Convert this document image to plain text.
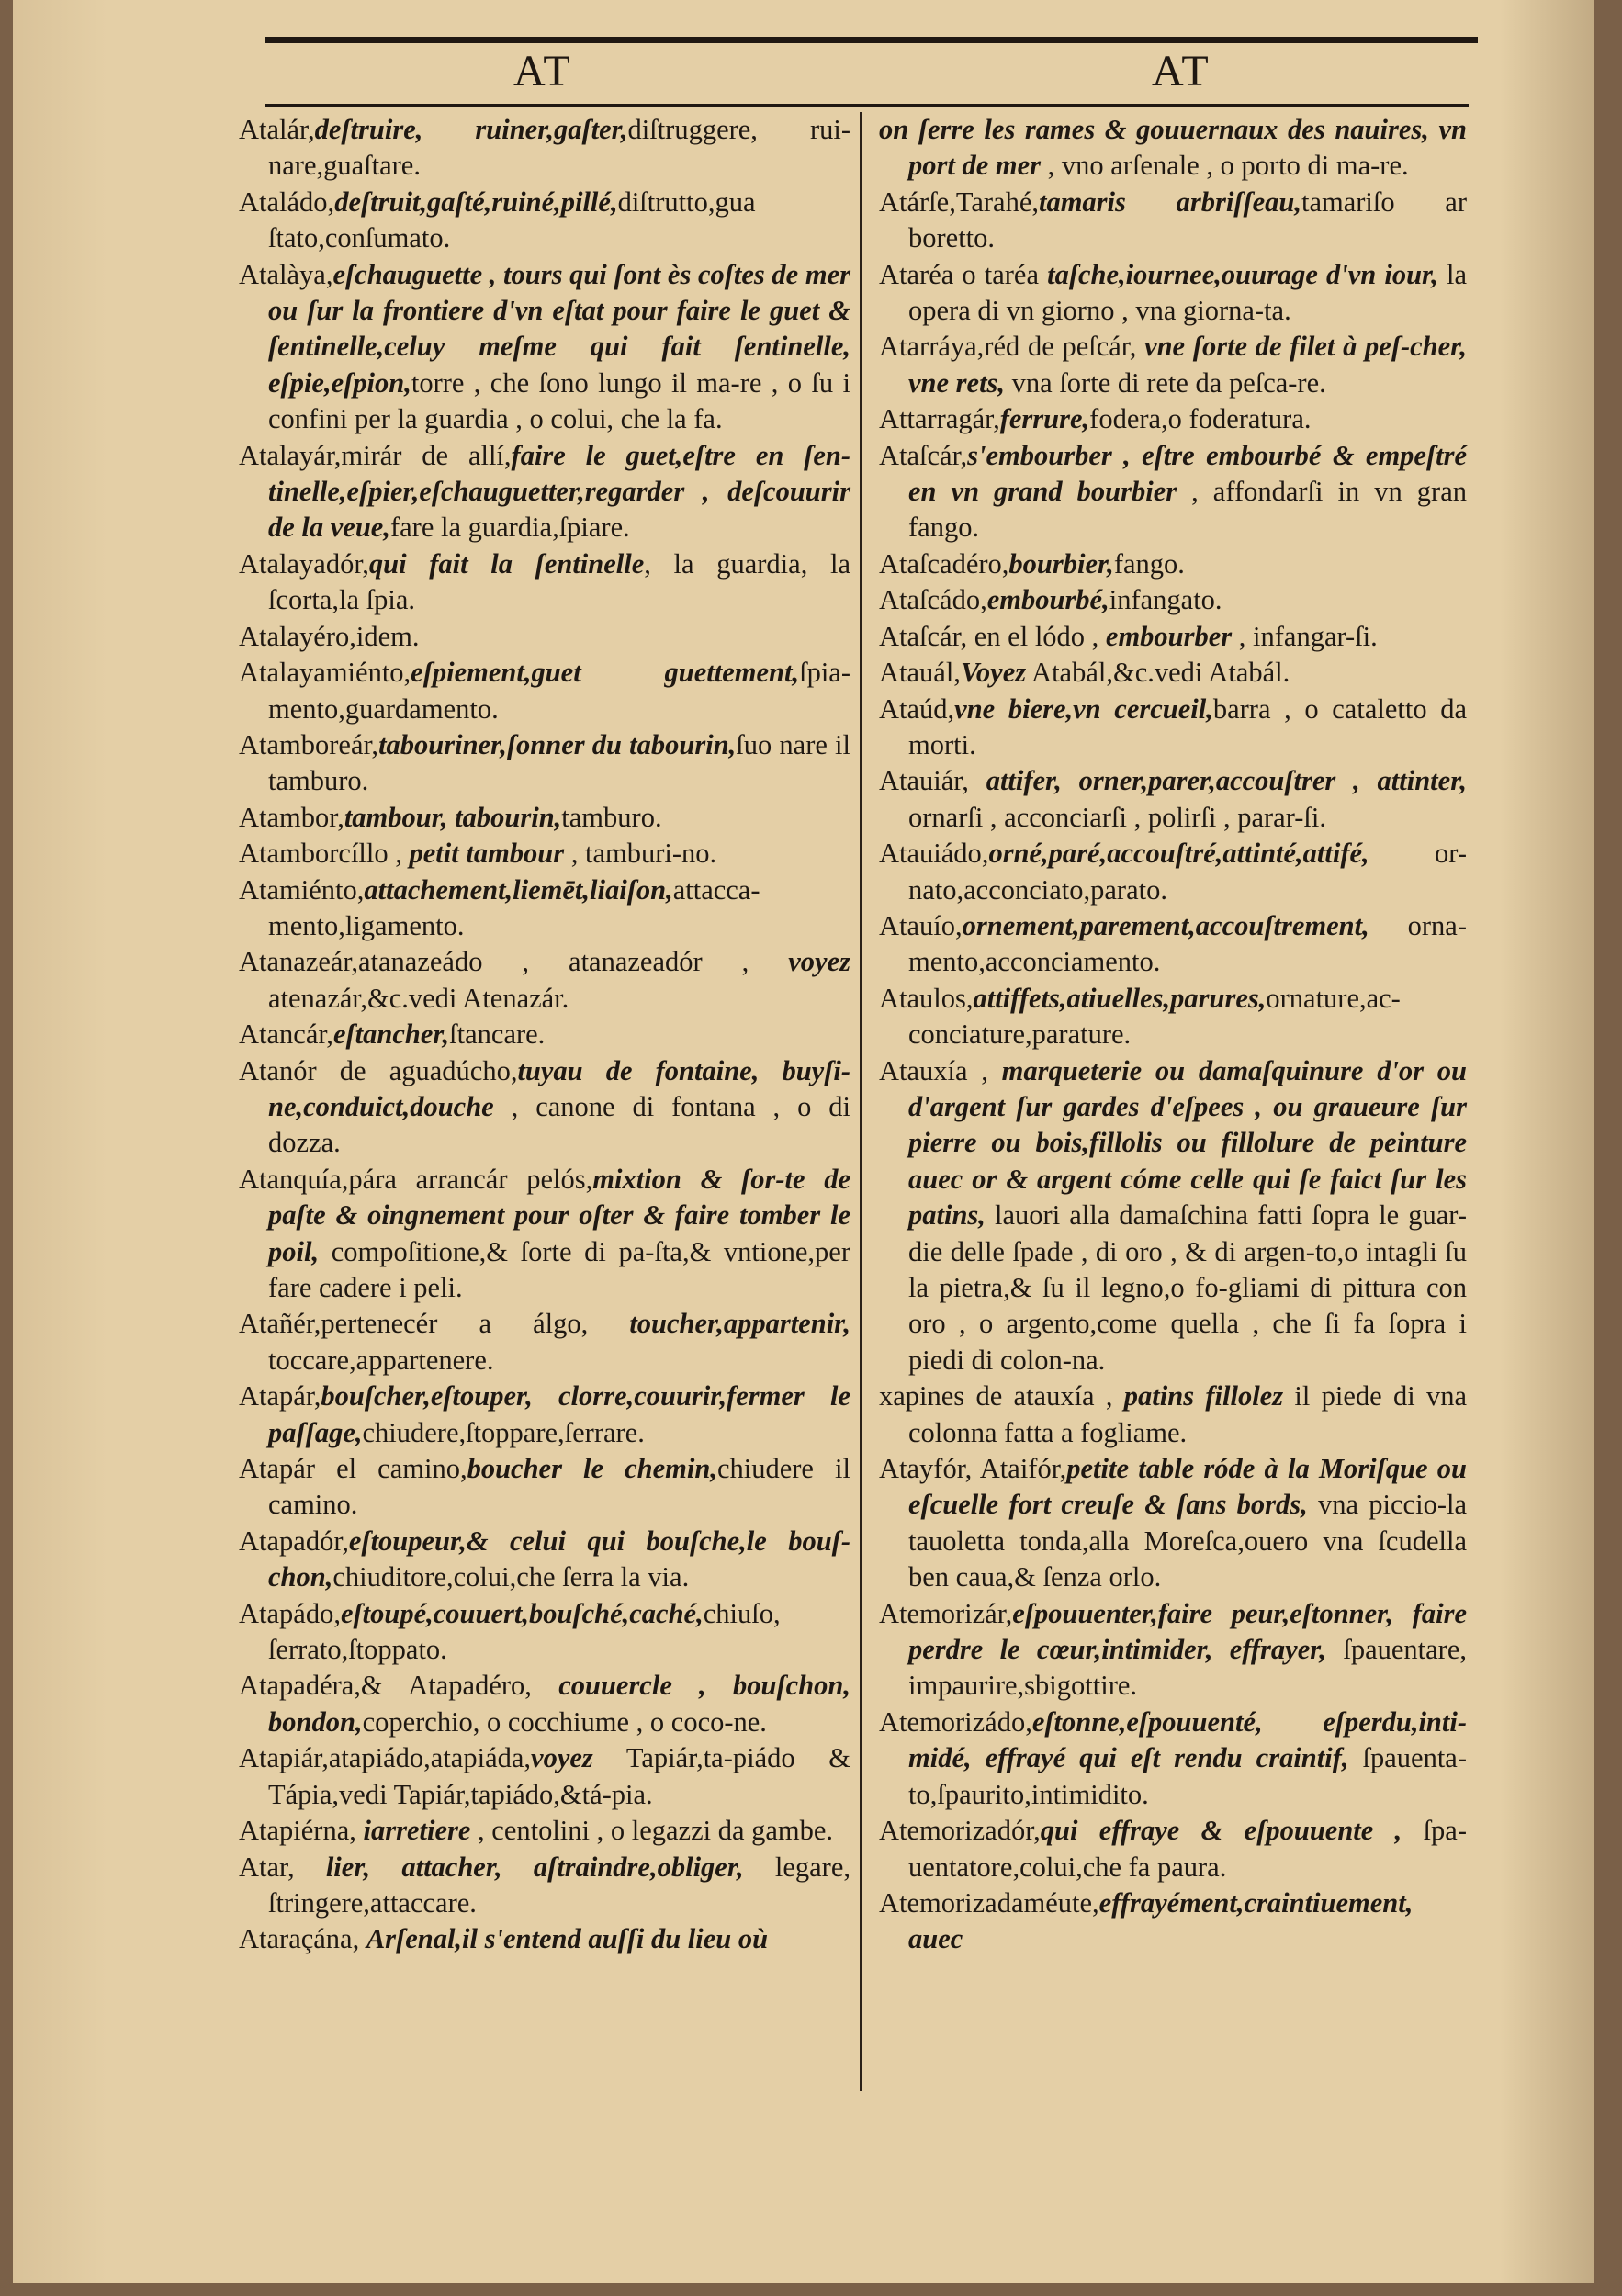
AT	AT

Atalár,deſtruire, ruiner,gaſter,diſtruggere, rui-nare,guaſtare.

Ataládo,deſtruit,gaſté,ruiné,pillé,diſtrutto,gua ſtato,conſumato.

Atalàya,eſchauguette , tours qui ſont ès coſtes de mer ou ſur la frontiere d'vn eſtat pour faire le guet & ſentinelle,celuy meſme qui fait ſentinelle, eſpie,eſpion,torre , che ſono lungo il ma-re , o ſu i confini per la guardia , o colui, che la fa.

Atalayár,mirár de allí,faire le guet,eſtre en ſen-tinelle,eſpier,eſchauguetter,regarder , deſcouurir de la veue,fare la guardia,ſpiare.

Atalayadór,qui fait la ſentinelle, la guardia, la ſcorta,la ſpia.

Atalayéro,idem.

Atalayamiénto,eſpiement,guet guettement,ſpia-mento,guardamento.

Atamboreár,tabouriner,ſonner du tabourin,ſuo nare il tamburo.

Atambor,tambour, tabourin,tamburo.

Atamborcíllo , petit tambour , tamburi-no.

Atamiénto,attachement,liemēt,liaiſon,attacca-mento,ligamento.

Atanazeár,atanazeádo , atanazeadór , voyez atenazár,&c.vedi Atenazár.

Atancár,eſtancher,ſtancare.

Atanór de aguadúcho,tuyau de fontaine, buyſi-ne,conduict,douche , canone di fontana , o di dozza.

Atanquía,pára arrancár pelós,mixtion & ſor-te de paſte & oingnement pour oſter & faire tomber le poil, compoſitione,& ſorte di pa-ſta,& vntione,per fare cadere i peli.

Atañér,pertenecér a álgo, toucher,appartenir, toccare,appartenere.

Atapár,bouſcher,eſtouper, clorre,couurir,fermer le paſſage,chiudere,ſtoppare,ſerrare.

Atapár el camino,boucher le chemin,chiudere il camino.

Atapadór,eſtoupeur,& celui qui bouſche,le bouſ-chon,chiuditore,colui,che ſerra la via.

Atapádo,eſtoupé,couuert,bouſché,caché,chiuſo, ſerrato,ſtoppato.

Atapadéra,& Atapadéro, couuercle , bouſchon, bondon,coperchio, o cocchiume , o coco-ne.

Atapiár,atapiádo,atapiáda,voyez Tapiár,ta-piádo & Tápia,vedi Tapiár,tapiádo,&tá-pia.

Atapiérna, iarretiere , centolini , o legazzi da gambe.

Atar, lier, attacher, aſtraindre,obliger, legare, ſtringere,attaccare.

Ataraçána, Arſenal,il s'entend auſſi du lieu où

on ſerre les rames & gouuernaux des nauires, vn port de mer , vno arſenale , o porto di ma-re.

Atárſe,Tarahé,tamaris arbriſſeau,tamariſo ar boretto.

Ataréa o taréa taſche,iournee,ouurage d'vn iour, la opera di vn giorno , vna giorna-ta.

Atarráya,réd de peſcár, vne ſorte de filet à peſ-cher, vne rets, vna ſorte di rete da peſca-re.

Attarragár,ferrure,fodera,o foderatura.

Ataſcár,s'embourber , eſtre embourbé & empeſtré en vn grand bourbier , affondarſi in vn gran fango.

Ataſcadéro,bourbier,fango.

Ataſcádo,embourbé,infangato.

Ataſcár, en el lódo , embourber , infangar-ſi.

Atauál,Voyez Atabál,&c.vedi Atabál.

Ataúd,vne biere,vn cercueil,barra , o cataletto da morti.

Atauiár, attifer, orner,parer,accouſtrer , attinter, ornarſi , acconciarſi , polirſi , parar-ſi.

Atauiádo,orné,paré,accouſtré,attinté,attifé, or-nato,acconciato,parato.

Atauío,ornement,parement,accouſtrement, orna-mento,acconciamento.

Ataulos,attiffets,atiuelles,parures,ornature,ac-conciature,parature.

Atauxía , marqueterie ou damaſquinure d'or ou d'argent ſur gardes d'eſpees , ou graueure ſur pierre ou bois,fillolis ou fillolure de peinture auec or & argent cóme celle qui ſe faict ſur les patins, lauori alla damaſchina fatti ſopra le guar-die delle ſpade , di oro , & di argen-to,o intagli ſu la pietra,& ſu il legno,o fo-gliami di pittura con oro , o argento,come quella , che ſi fa ſopra i piedi di colon-na.

xapines de atauxía , patins fillolez il piede di vna colonna fatta a fogliame.

Atayfór, Ataifór,petite table róde à la Moriſque ou eſcuelle fort creuſe & ſans bords, vna piccio-la tauoletta tonda,alla Moreſca,ouero vna ſcudella ben caua,& ſenza orlo.

Atemorizár,eſpouuenter,faire peur,eſtonner, faire perdre le cœur,intimider, effrayer, ſpauentare, impaurire,sbigottire.

Atemorizádo,eſtonne,eſpouuenté, eſperdu,inti-midé, effrayé qui eſt rendu craintif, ſpauenta-to,ſpaurito,intimidito.

Atemorizadór,qui effraye & eſpouuente , ſpa-uentatore,colui,che fa paura.

Atemorizadaméute,effrayément,craintiuement, auec
